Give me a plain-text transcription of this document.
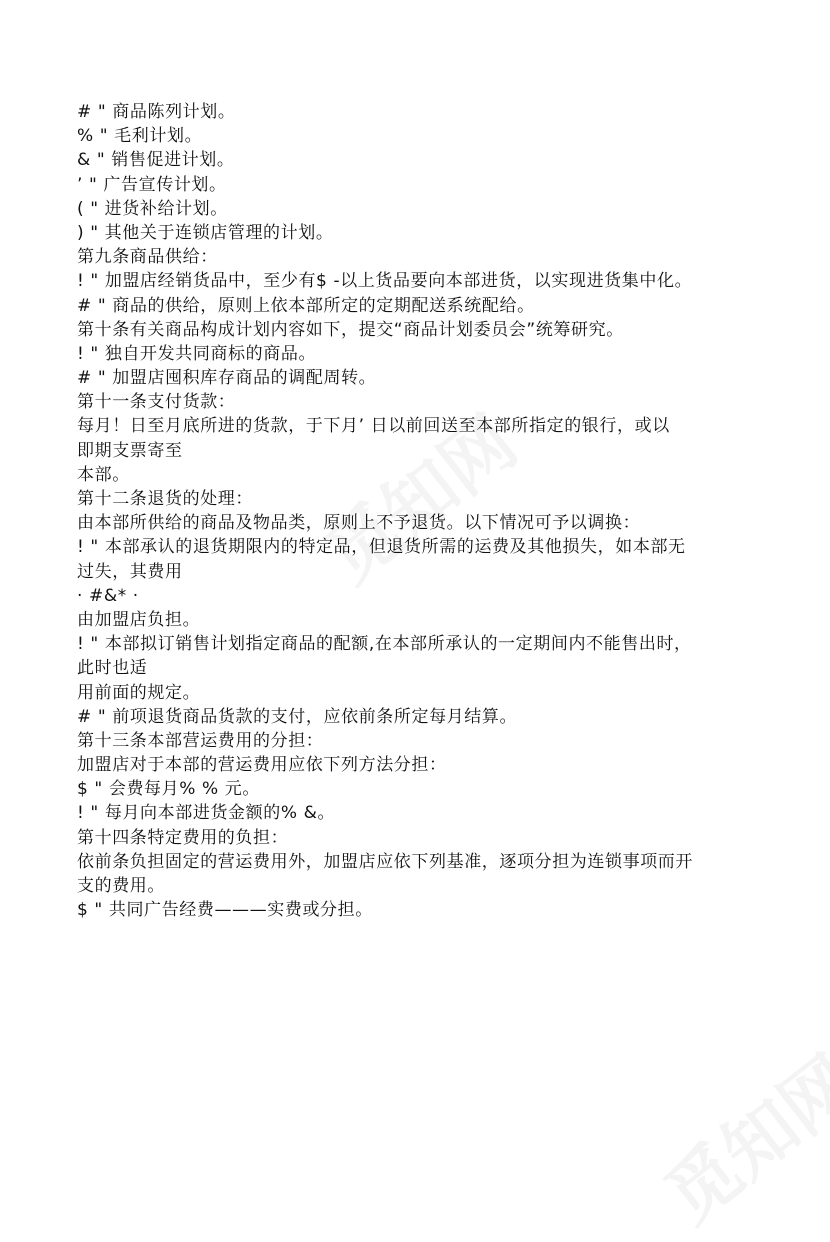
# " 商品陈列计划。
% " 毛利计划。
& " 销售促进计划。
’ " 广告宣传计划。
( " 进货补给计划。
) " 其他关于连锁店管理的计划。
第九条商品供给：
! " 加盟店经销货品中，至少有$ -以上货品要向本部进货，以实现进货集中化。
# " 商品的供给，原则上依本部所定的定期配送系统配给。
第十条有关商品构成计划内容如下，提交“商品计划委员会”统筹研究。
! " 独自开发共同商标的商品。
# " 加盟店囤积库存商品的调配周转。
第十一条支付货款：
每月！日至月底所进的货款，于下月’ 日以前回送至本部所指定的银行，或以
即期支票寄至
本部。
第十二条退货的处理：
由本部所供给的商品及物品类，原则上不予退货。以下情况可予以调换：
! " 本部承认的退货期限内的特定品，但退货所需的运费及其他损失，如本部无
过失，其费用
· #&* ·
由加盟店负担。
! " 本部拟订销售计划指定商品的配额,在本部所承认的一定期间内不能售出时，
此时也适
用前面的规定。
# " 前项退货商品货款的支付，应依前条所定每月结算。
第十三条本部营运费用的分担：
加盟店对于本部的营运费用应依下列方法分担：
$ " 会费每月% % 元。
! " 每月向本部进货金额的% &。
第十四条特定费用的负担：
依前条负担固定的营运费用外，加盟店应依下列基准，逐项分担为连锁事项而开
支的费用。
$ " 共同广告经费———实费或分担。
